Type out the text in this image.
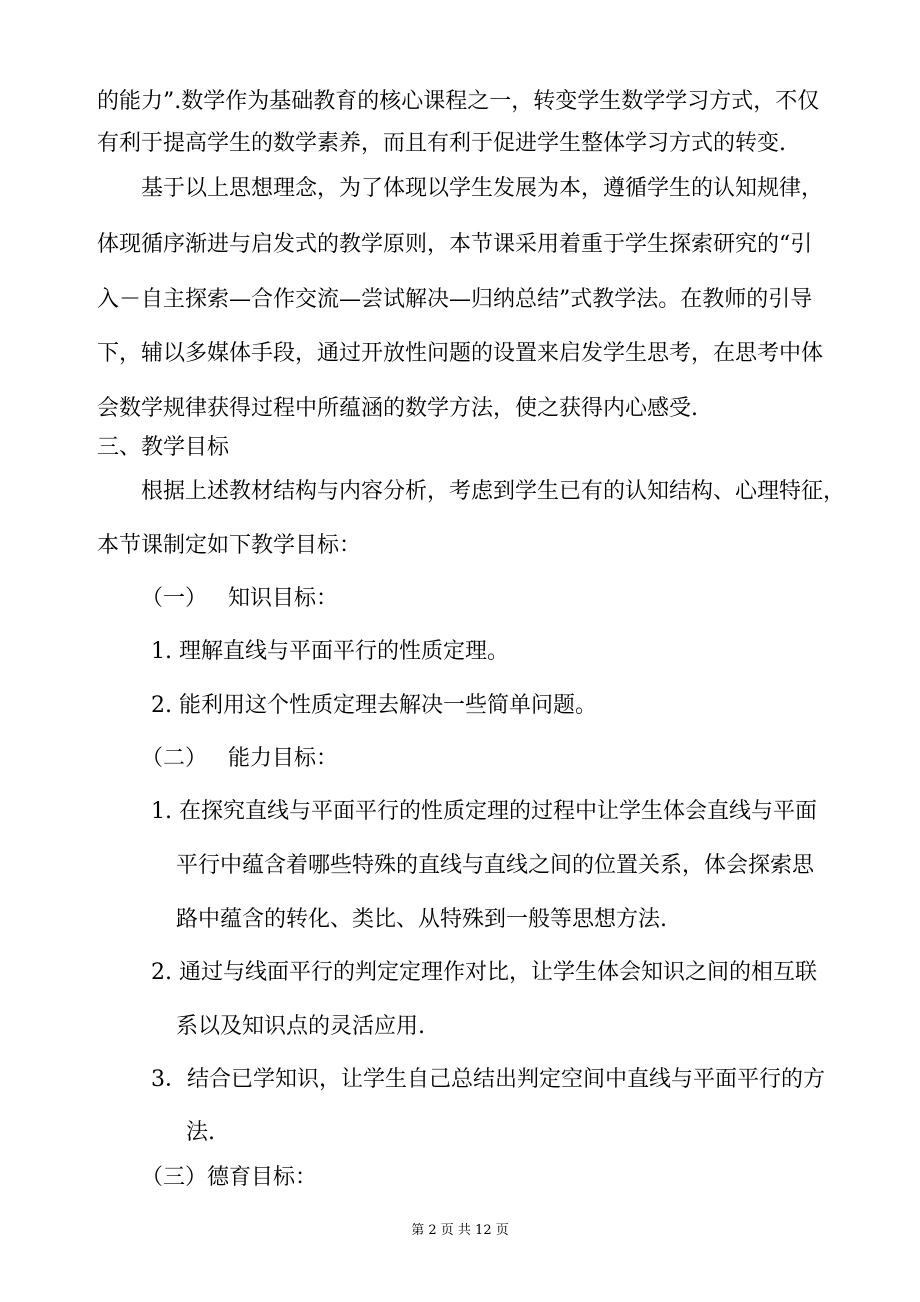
的能力”.数学作为基础教育的核心课程之一，转变学生数学学习方式，不仅
有利于提高学生的数学素养，而且有利于促进学生整体学习方式的转变.
基于以上思想理念，为了体现以学生发展为本，遵循学生的认知规律，
体现循序渐进与启发式的教学原则，本节课采用着重于学生探索研究的“引
入－自主探索—合作交流—尝试解决—归纳总结”式教学法。在教师的引导
下，辅以多媒体手段，通过开放性问题的设置来启发学生思考，在思考中体
会数学规律获得过程中所蕴涵的数学方法，使之获得内心感受.
三、教学目标
根据上述教材结构与内容分析，考虑到学生已有的认知结构、心理特征，
本节课制定如下教学目标：
（一） 知识目标：
1. 理解直线与平面平行的性质定理。
2. 能利用这个性质定理去解决一些简单问题。
（二） 能力目标：
1. 在探究直线与平面平行的性质定理的过程中让学生体会直线与平面
平行中蕴含着哪些特殊的直线与直线之间的位置关系，体会探索思
路中蕴含的转化、类比、从特殊到一般等思想方法.
2. 通过与线面平行的判定定理作对比，让学生体会知识之间的相互联
系以及知识点的灵活应用.
3．结合已学知识，让学生自己总结出判定空间中直线与平面平行的方
法.
（三）德育目标：
第 2 页 共 12 页
